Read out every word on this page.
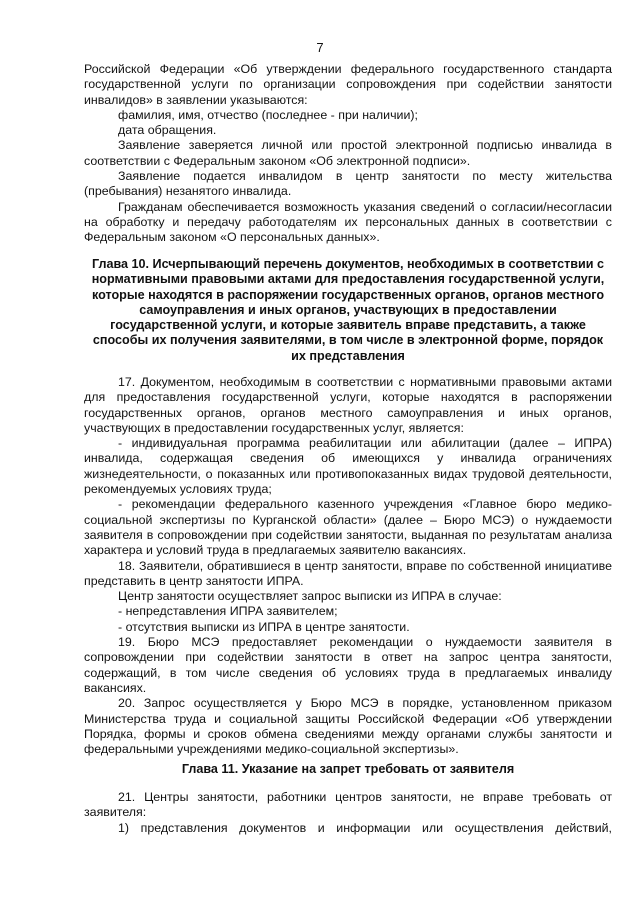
7

Российской Федерации «Об утверждении федерального государственного стандарта государственной услуги по организации сопровождения при содействии занятости инвалидов» в заявлении указываются:

фамилия, имя, отчество (последнее - при наличии);

дата обращения.

Заявление заверяется личной или простой электронной подписью инвалида в соответствии с Федеральным законом «Об электронной подписи».

Заявление подается инвалидом в центр занятости по месту жительства (пребывания) незанятого инвалида.

Гражданам обеспечивается возможность указания сведений о согласии/несогласии на обработку и передачу работодателям их персональных данных в соответствии с Федеральным законом «О персональных данных».

Глава 10. Исчерпывающий перечень документов, необходимых в соответствии с нормативными правовыми актами для предоставления государственной услуги, которые находятся в распоряжении государственных органов, органов местного самоуправления и иных органов, участвующих в предоставлении государственной услуги, и которые заявитель вправе представить, а также способы их получения заявителями, в том числе в электронной форме, порядок их представления

17. Документом, необходимым в соответствии с нормативными правовыми актами для предоставления государственной услуги, которые находятся в распоряжении государственных органов, органов местного самоуправления и иных органов, участвующих в предоставлении государственных услуг, является:

- индивидуальная программа реабилитации или абилитации (далее – ИПРА) инвалида, содержащая сведения об имеющихся у инвалида ограничениях жизнедеятельности, о показанных или противопоказанных видах трудовой деятельности, рекомендуемых условиях труда;

- рекомендации федерального казенного учреждения «Главное бюро медико-социальной экспертизы по Курганской области» (далее – Бюро МСЭ) о нуждаемости заявителя в сопровождении при содействии занятости, выданная по результатам анализа характера и условий труда в предлагаемых заявителю вакансиях.

18. Заявители, обратившиеся в центр занятости, вправе по собственной инициативе представить в центр занятости ИПРА.

Центр занятости осуществляет запрос выписки из ИПРА в случае:

- непредставления ИПРА заявителем;

- отсутствия выписки из ИПРА в центре занятости.

19. Бюро МСЭ предоставляет рекомендации о нуждаемости заявителя в сопровождении при содействии занятости в ответ на запрос центра занятости, содержащий, в том числе сведения об условиях труда в предлагаемых инвалиду вакансиях.

20. Запрос осуществляется у Бюро МСЭ в порядке, установленном приказом Министерства труда и социальной защиты Российской Федерации «Об утверждении Порядка, формы и сроков обмена сведениями между органами службы занятости и федеральными учреждениями медико-социальной экспертизы».

Глава 11. Указание на запрет требовать от заявителя

21. Центры занятости, работники центров занятости, не вправе требовать от заявителя:

1) представления документов и информации или осуществления действий,
